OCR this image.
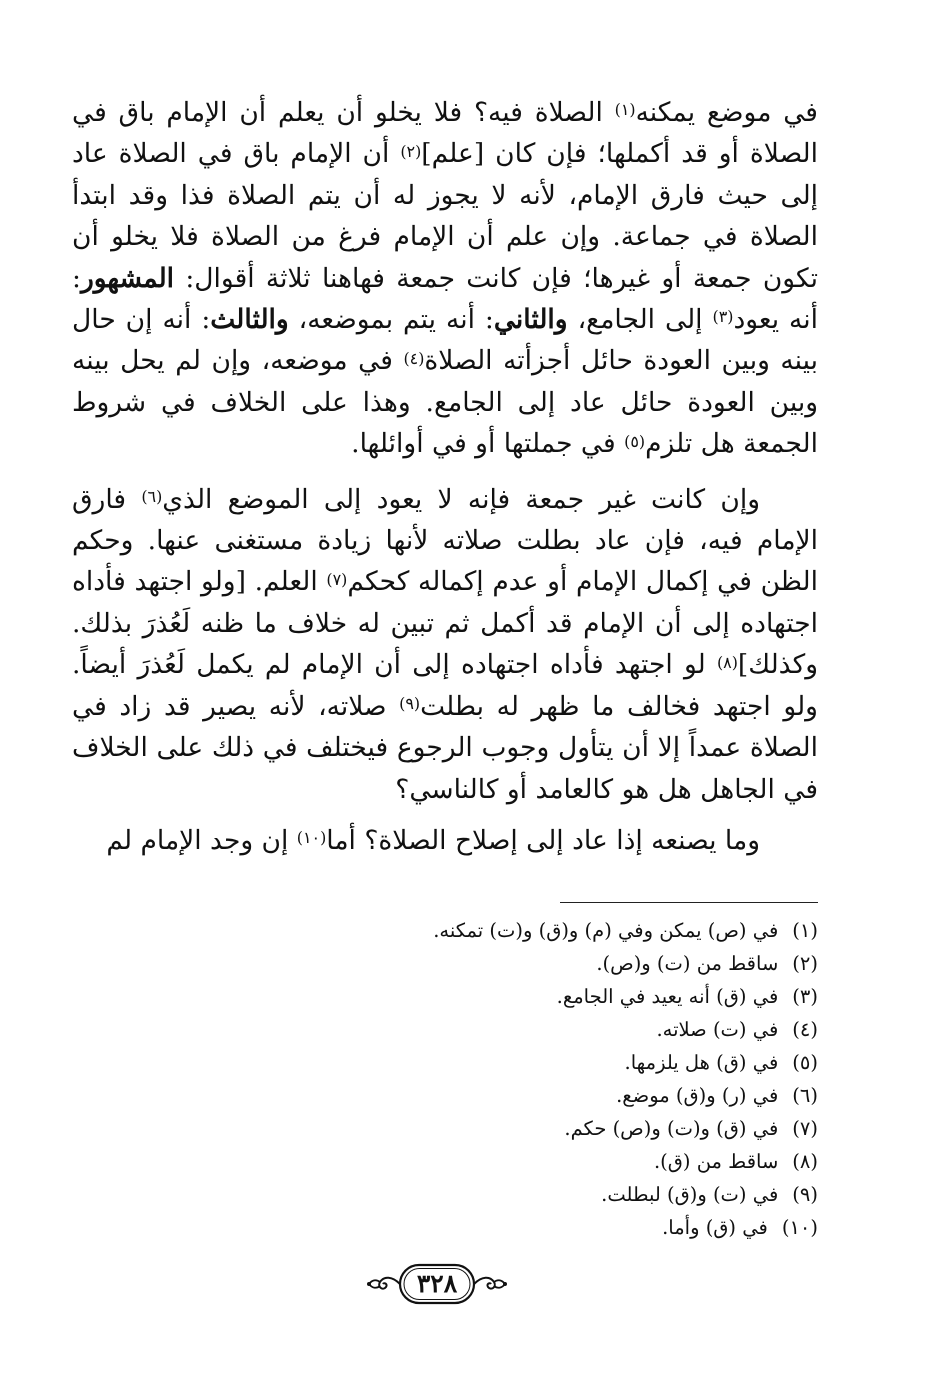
في موضع يمكنه$^{(١)}$ الصلاة فيه؟ فلا يخلو أن يعلم أن الإمام باق في الصلاة أو قد أكملها؛ فإن كان [علم]$^{(٢)}$ أن الإمام باق في الصلاة عاد إلى حيث فارق الإمام، لأنه لا يجوز له أن يتم الصلاة فذا وقد ابتدأ الصلاة في جماعة. وإن علم أن الإمام فرغ من الصلاة فلا يخلو أن تكون جمعة أو غيرها؛ فإن كانت جمعة فهاهنا ثلاثة أقوال: المشهور: أنه يعود$^{(٣)}$ إلى الجامع، والثاني: أنه يتم بموضعه، والثالث: أنه إن حال بينه وبين العودة حائل أجزأته الصلاة$^{(٤)}$ في موضعه، وإن لم يحل بينه وبين العودة حائل عاد إلى الجامع. وهذا على الخلاف في شروط الجمعة هل تلزم$^{(٥)}$ في جملتها أو في أوائلها.

وإن كانت غير جمعة فإنه لا يعود إلى الموضع الذي$^{(٦)}$ فارق الإمام فيه، فإن عاد بطلت صلاته لأنها زيادة مستغنى عنها. وحكم الظن في إكمال الإمام أو عدم إكماله كحكم$^{(٧)}$ العلم. [ولو اجتهد فأداه اجتهاده إلى أن الإمام قد أكمل ثم تبين له خلاف ما ظنه لَعُذرَ بذلك. وكذلك]$^{(٨)}$ لو اجتهد فأداه اجتهاده إلى أن الإمام لم يكمل لَعُذرَ أيضاً. ولو اجتهد فخالف ما ظهر له بطلت$^{(٩)}$ صلاته، لأنه يصير قد زاد في الصلاة عمداً إلا أن يتأول وجوب الرجوع فيختلف في ذلك على الخلاف في الجاهل هل هو كالعامد أو كالناسي؟

وما يصنعه إذا عاد إلى إصلاح الصلاة؟ أما$^{(١٠)}$ إن وجد الإمام لم

(١)في (ص) يمكن وفي (م) و(ق) و(ت) تمكنه.
(٢)ساقط من (ت) و(ص).
(٣)في (ق) أنه يعيد في الجامع.
(٤)في (ت) صلاته.
(٥)في (ق) هل يلزمها.
(٦)في (ر) و(ق) موضع.
(٧)في (ق) و(ت) و(ص) حكم.
(٨)ساقط من (ق).
(٩)في (ت) و(ق) لبطلت.
(١٠)في (ق) وأما.
٣٢٨
